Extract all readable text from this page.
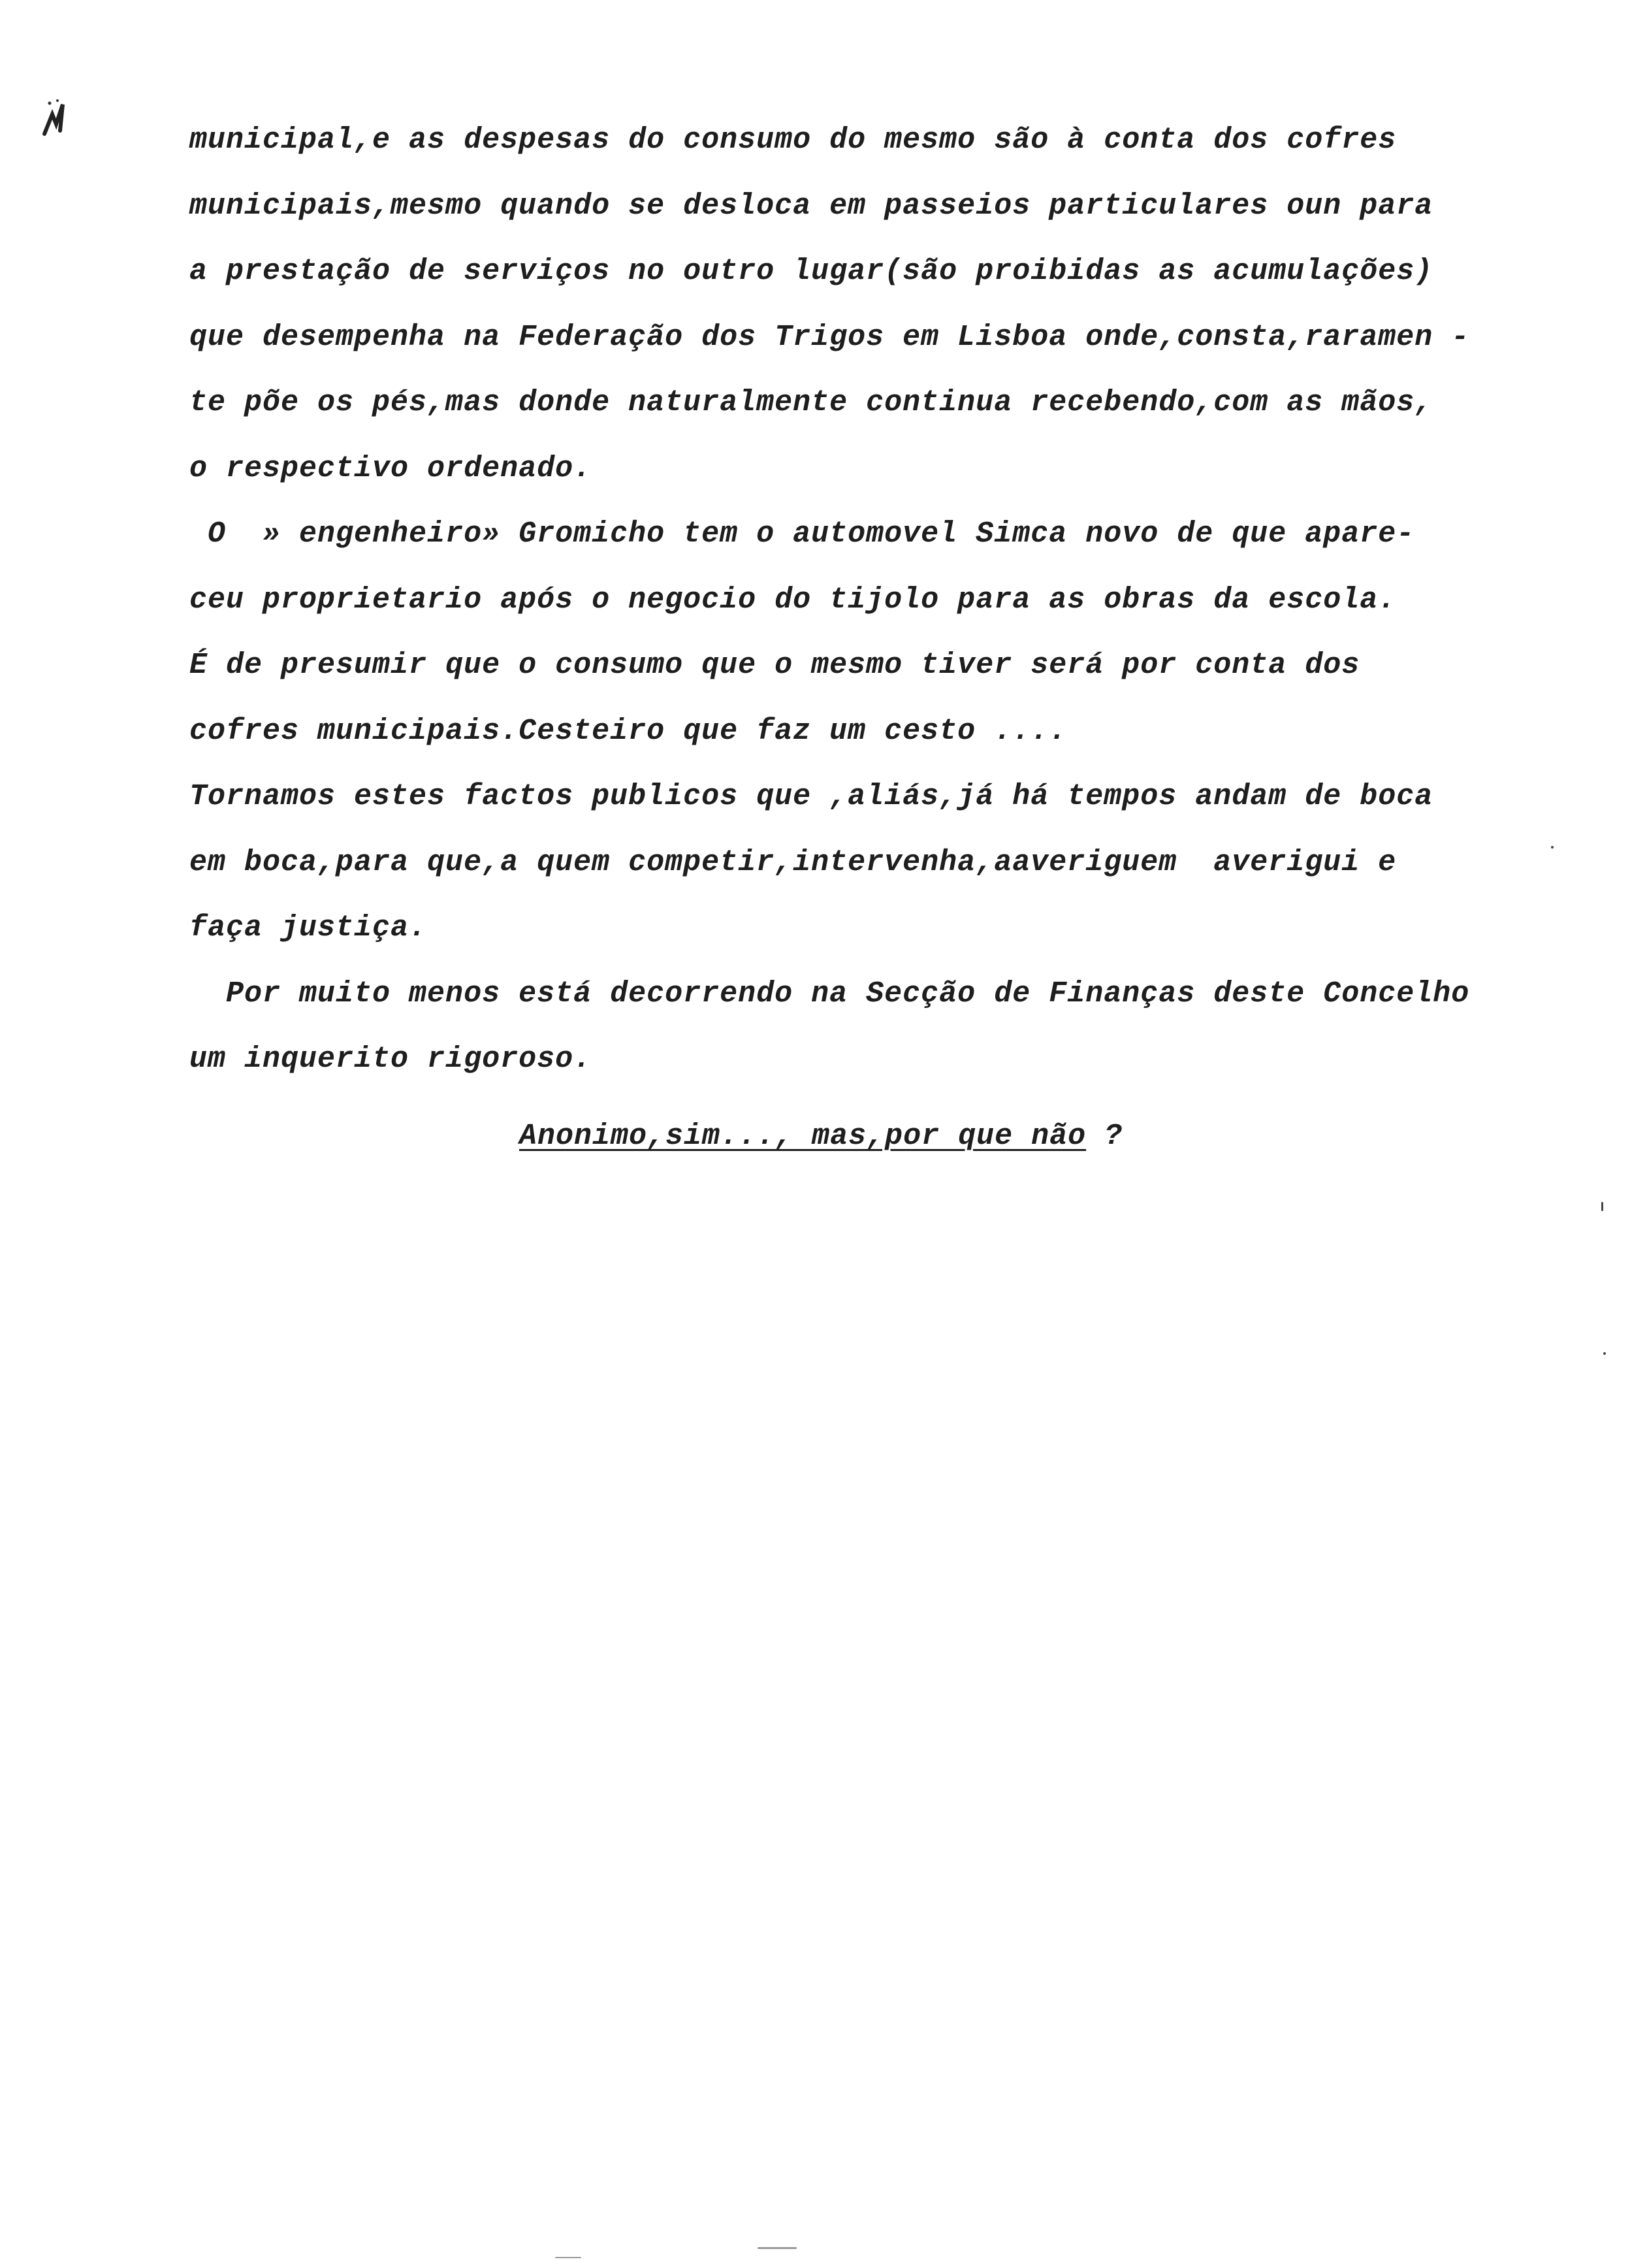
municipal,e as despesas do consumo do mesmo são à conta dos cofres
municipais,mesmo quando se desloca em passeios particulares oun para
a prestação de serviços no outro lugar(são proibidas as acumulações)
que desempenha na Federação dos Trigos em Lisboa onde,consta,raramen -
te põe os pés,mas donde naturalmente continua recebendo,com as mãos,
o respectivo ordenado.
O  » engenheiro» Gromicho tem o automovel Simca novo de que apare-
ceu proprietario após o negocio do tijolo para as obras da escola.
É de presumir que o consumo que o mesmo tiver será por conta dos
cofres municipais.Cesteiro que faz um cesto ....
Tornamos estes factos publicos que ,aliás,já há tempos andam de boca
em boca,para que,a quem competir,intervenha,aaveriguem  averigui e
faça justiça.
Por muito menos está decorrendo na Secção de Finanças deste Concelho
um inquerito rigoroso.
Anonimo,sim..., mas,por que não ?
